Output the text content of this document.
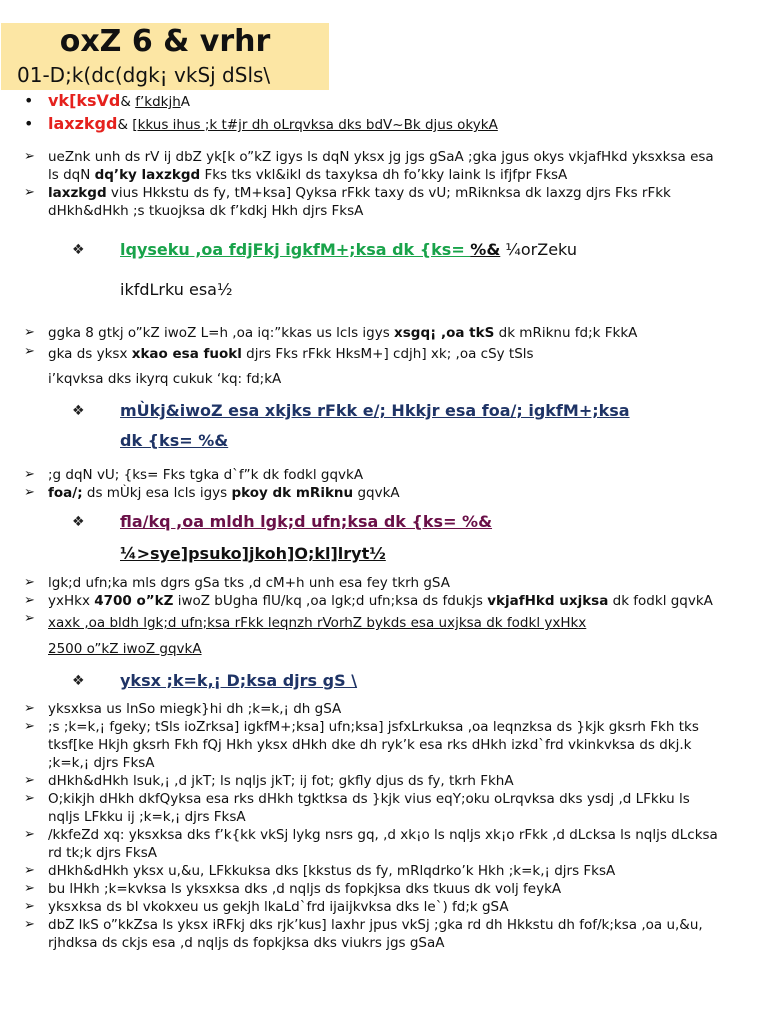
oxZ 6 & vrhr
01-D;k(dc(dgk¡ vkSj dSls\
• vk[ksVd& f’kdkjhA
• laxzkgd& [kkus ihus ;k t#jr dh oLrqvksa dks bdV~Bk djus okykA
➢ ueZnk unh ds rV ij dbZ yk[k o”kZ igys ls dqN yksx jg jgs gSaA ;gka jgus okys vkjafHkd yksxksa esa ls dqN dq’ky laxzkgd Fks tks vkl&ikl ds taxyksa dh fo’kky laink ls ifjfpr FksA
➢ laxzkgd vius Hkkstu ds fy, tM+ksa] Qyksa rFkk taxy ds vU; mRiknksa dk laxzg djrs Fks rFkk dHkh&dHkh ;s tkuojksa dk f’kdkj Hkh djrs FksA
❖	lqyseku ,oa fdjFkj igkfM+;ksa dk {ks= %& ¼orZeku
ikfdLrku esa½
➢ ggka 8 gtkj o”kZ iwoZ L=h ,oa iq:”kkas us lcls igys xsgq¡ ,oa tkS dk mRiknu fd;k FkkA
➢ gka ds yksx xkao esa fuokl djrs Fks rFkk HksM+] cdjh] xk; ,oa cSy tSls
i’kqvksa dks ikyrq cukuk ‘kq: fd;kA
❖	mÙkj&iwoZ esa xkjks rFkk e/; Hkkjr esa foa/; igkfM+;ksa
dk {ks= %&
➢ ;g dqN vU; {ks= Fks tgka d`f”k dk fodkl gqvkA
➢ foa/; ds mÙkj esa lcls igys pkoy dk mRiknu gqvkA
❖	fla/kq ,oa mldh lgk;d ufn;ksa dk {ks= %&
¼>sye]psuko]jkoh]O;kl]lryt½
➢ lgk;d ufn;ka mls dgrs gSa tks ,d cM+h unh esa fey tkrh gSA
➢ yxHkx 4700 o”kZ iwoZ bUgha flU/kq ,oa lgk;d ufn;ksa ds fdukjs vkjafHkd uxjksa dk fodkl gqvkA
➢ xaxk ,oa bldh lgk;d ufn;ksa rFkk leqnzh rVorhZ bykds esa uxjksa dk fodkl yxHkx
2500 o”kZ iwoZ gqvkA
❖	yksx ;k=k,¡ D;ksa djrs gS \
➢ yksxksa us lnSo miegk}hi dh ;k=k,¡ dh gSA
➢ ;s ;k=k,¡ fgeky; tSls ioZrksa] igkfM+;ksa] ufn;ksa] jsfxLrkuksa ,oa leqnzksa ds }kjk gksrh Fkh tks tksf[ke Hkjh gksrh Fkh fQj Hkh yksx dHkh dke dh ryk’k esa rks dHkh izkd`frd vkinkvksa ds dkj.k ;k=k,¡ djrs FksA
➢ dHkh&dHkh lsuk,¡ ,d jkT; ls nqljs jkT; ij fot; gkfly djus ds fy, tkrh FkhA
➢ O;kikjh dHkh dkfQyksa esa rks dHkh tgktksa ds }kjk vius eqY;oku oLrqvksa dks ysdj ,d LFkku ls nqljs LFkku ij ;k=k,¡ djrs FksA
➢ /kkfeZd xq: yksxksa dks f’k{kk vkSj lykg nsrs gq, ,d xk¡o ls nqljs xk¡o rFkk ,d dLcksa ls nqljs dLcksa rd tk;k djrs FksA
➢ dHkh&dHkh yksx u,&u, LFkkuksa dks [kkstus ds fy, mRlqdrko’k Hkh ;k=k,¡ djrs FksA
➢ bu lHkh ;k=kvksa ls yksxksa dks ,d nqljs ds fopkjksa dks tkuus dk volj feykA
➢ yksxksa ds bl vkokxeu us gekjh lkaLd`frd ijaijkvksa dks le`) fd;k gSA
➢ dbZ lkS o”kkZsa ls yksx iRFkj dks rjk’kus] laxhr jpus vkSj ;gka rd dh Hkkstu dh fof/k;ksa ,oa u,&u, rjhdksa ds ckjs esa ,d nqljs ds fopkjksa dks viukrs jgs gSaA
